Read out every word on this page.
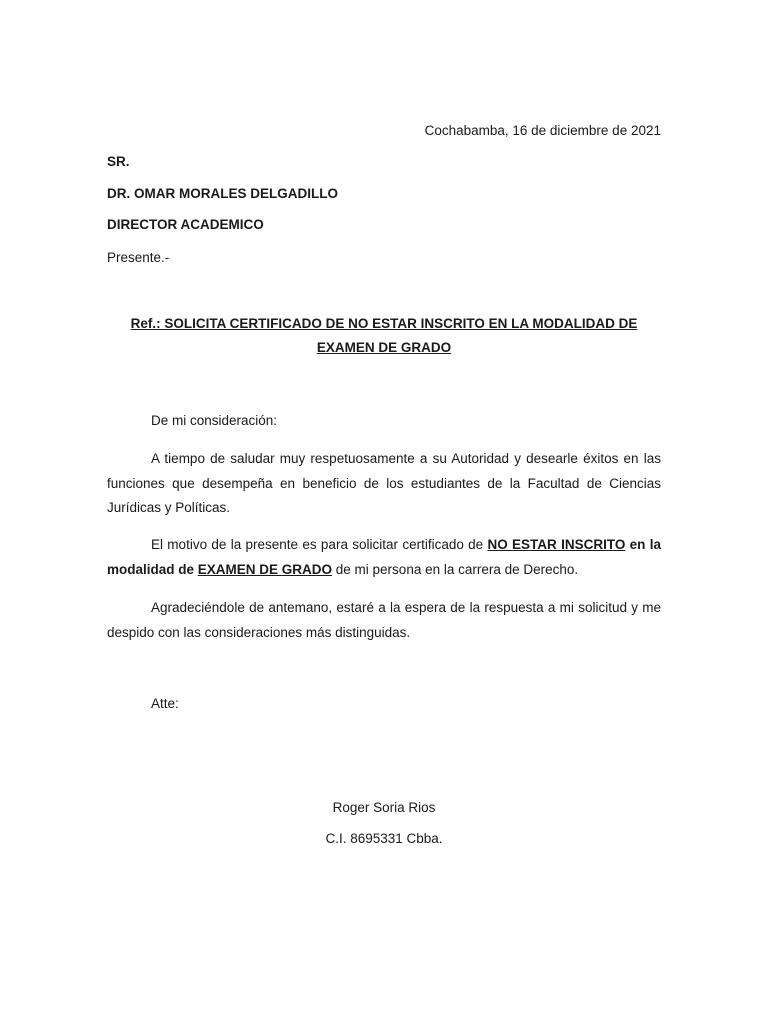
Cochabamba, 16 de diciembre de 2021
SR.
DR. OMAR MORALES DELGADILLO
DIRECTOR ACADEMICO
Presente.-
Ref.: SOLICITA CERTIFICADO DE NO ESTAR INSCRITO EN LA MODALIDAD DE
EXAMEN DE GRADO
De mi consideración:
A tiempo de saludar muy respetuosamente a su Autoridad y desearle éxitos en las funciones que desempeña en beneficio de los estudiantes de la Facultad de Ciencias Jurídicas y Políticas.
El motivo de la presente es para solicitar certificado de NO ESTAR INSCRITO en la modalidad de EXAMEN DE GRADO de mi persona en la carrera de Derecho.
Agradeciéndole de antemano, estaré a la espera de la respuesta a mi solicitud y me despido con las consideraciones más distinguidas.
Atte:
Roger Soria Rios
C.I. 8695331 Cbba.
